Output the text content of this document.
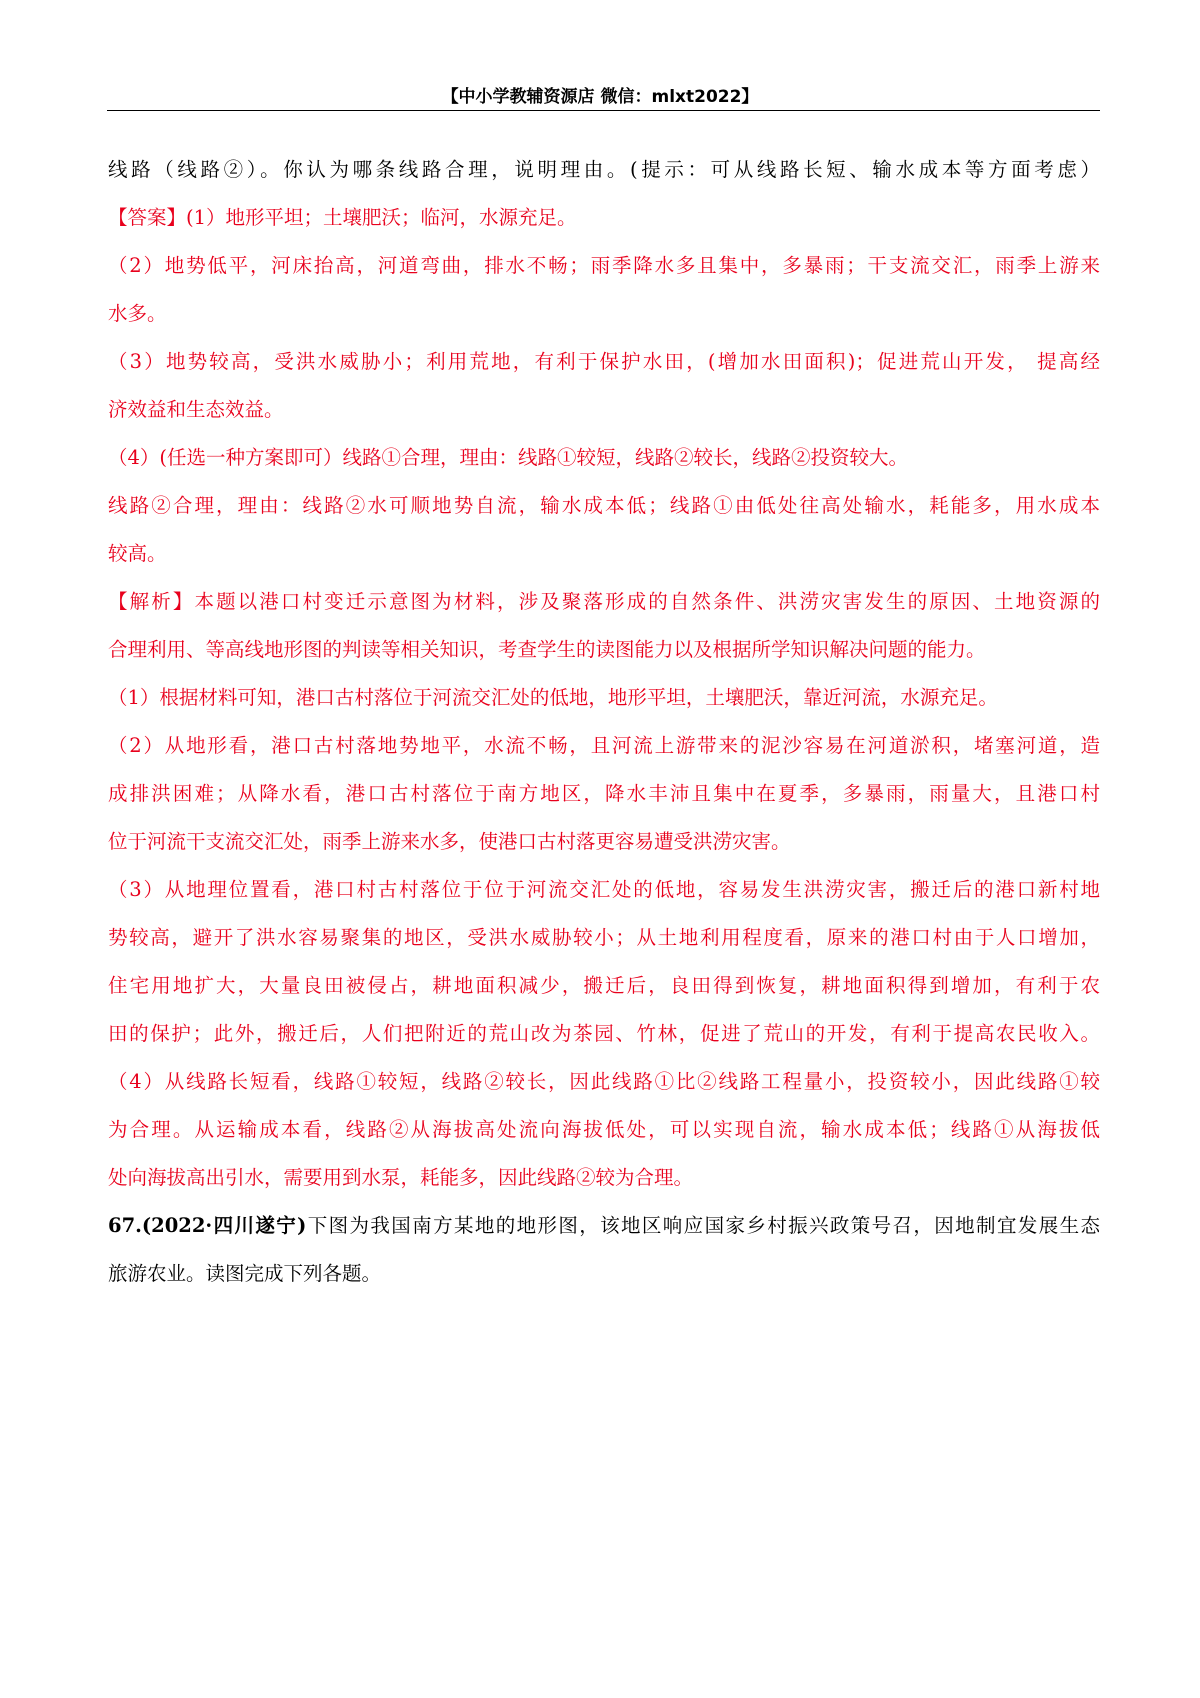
【中小学教辅资源店 微信：mlxt2022】
线路（线路②）。你认为哪条线路合理，说明理由。(提示：可从线路长短、输水成本等方面考虑）
【答案】(1）地形平坦；土壤肥沃；临河，水源充足。
（2）地势低平，河床抬高，河道弯曲，排水不畅；雨季降水多且集中，多暴雨；干支流交汇，雨季上游来
水多。
（3）地势较高，受洪水威胁小；利用荒地，有利于保护水田，(增加水田面积)；促进荒山开发， 提高经
济效益和生态效益。
（4）(任选一种方案即可）线路①合理，理由：线路①较短，线路②较长，线路②投资较大。
线路②合理，理由：线路②水可顺地势自流，输水成本低；线路①由低处往高处输水，耗能多，用水成本
较高。
【解析】本题以港口村变迁示意图为材料，涉及聚落形成的自然条件、洪涝灾害发生的原因、土地资源的
合理利用、等高线地形图的判读等相关知识，考查学生的读图能力以及根据所学知识解决问题的能力。
（1）根据材料可知，港口古村落位于河流交汇处的低地，地形平坦，土壤肥沃，靠近河流，水源充足。
（2）从地形看，港口古村落地势地平，水流不畅，且河流上游带来的泥沙容易在河道淤积，堵塞河道，造
成排洪困难；从降水看，港口古村落位于南方地区，降水丰沛且集中在夏季，多暴雨，雨量大，且港口村
位于河流干支流交汇处，雨季上游来水多，使港口古村落更容易遭受洪涝灾害。
（3）从地理位置看，港口村古村落位于位于河流交汇处的低地，容易发生洪涝灾害，搬迁后的港口新村地
势较高，避开了洪水容易聚集的地区，受洪水威胁较小；从土地利用程度看，原来的港口村由于人口增加，
住宅用地扩大，大量良田被侵占，耕地面积减少，搬迁后，良田得到恢复，耕地面积得到增加，有利于农
田的保护；此外，搬迁后，人们把附近的荒山改为茶园、竹林，促进了荒山的开发，有利于提高农民收入。
（4）从线路长短看，线路①较短，线路②较长，因此线路①比②线路工程量小，投资较小，因此线路①较
为合理。从运输成本看，线路②从海拔高处流向海拔低处，可以实现自流，输水成本低；线路①从海拔低
处向海拔高出引水，需要用到水泵，耗能多，因此线路②较为合理。
67.(2022·四川遂宁)下图为我国南方某地的地形图，该地区响应国家乡村振兴政策号召，因地制宜发展生态
旅游农业。读图完成下列各题。
